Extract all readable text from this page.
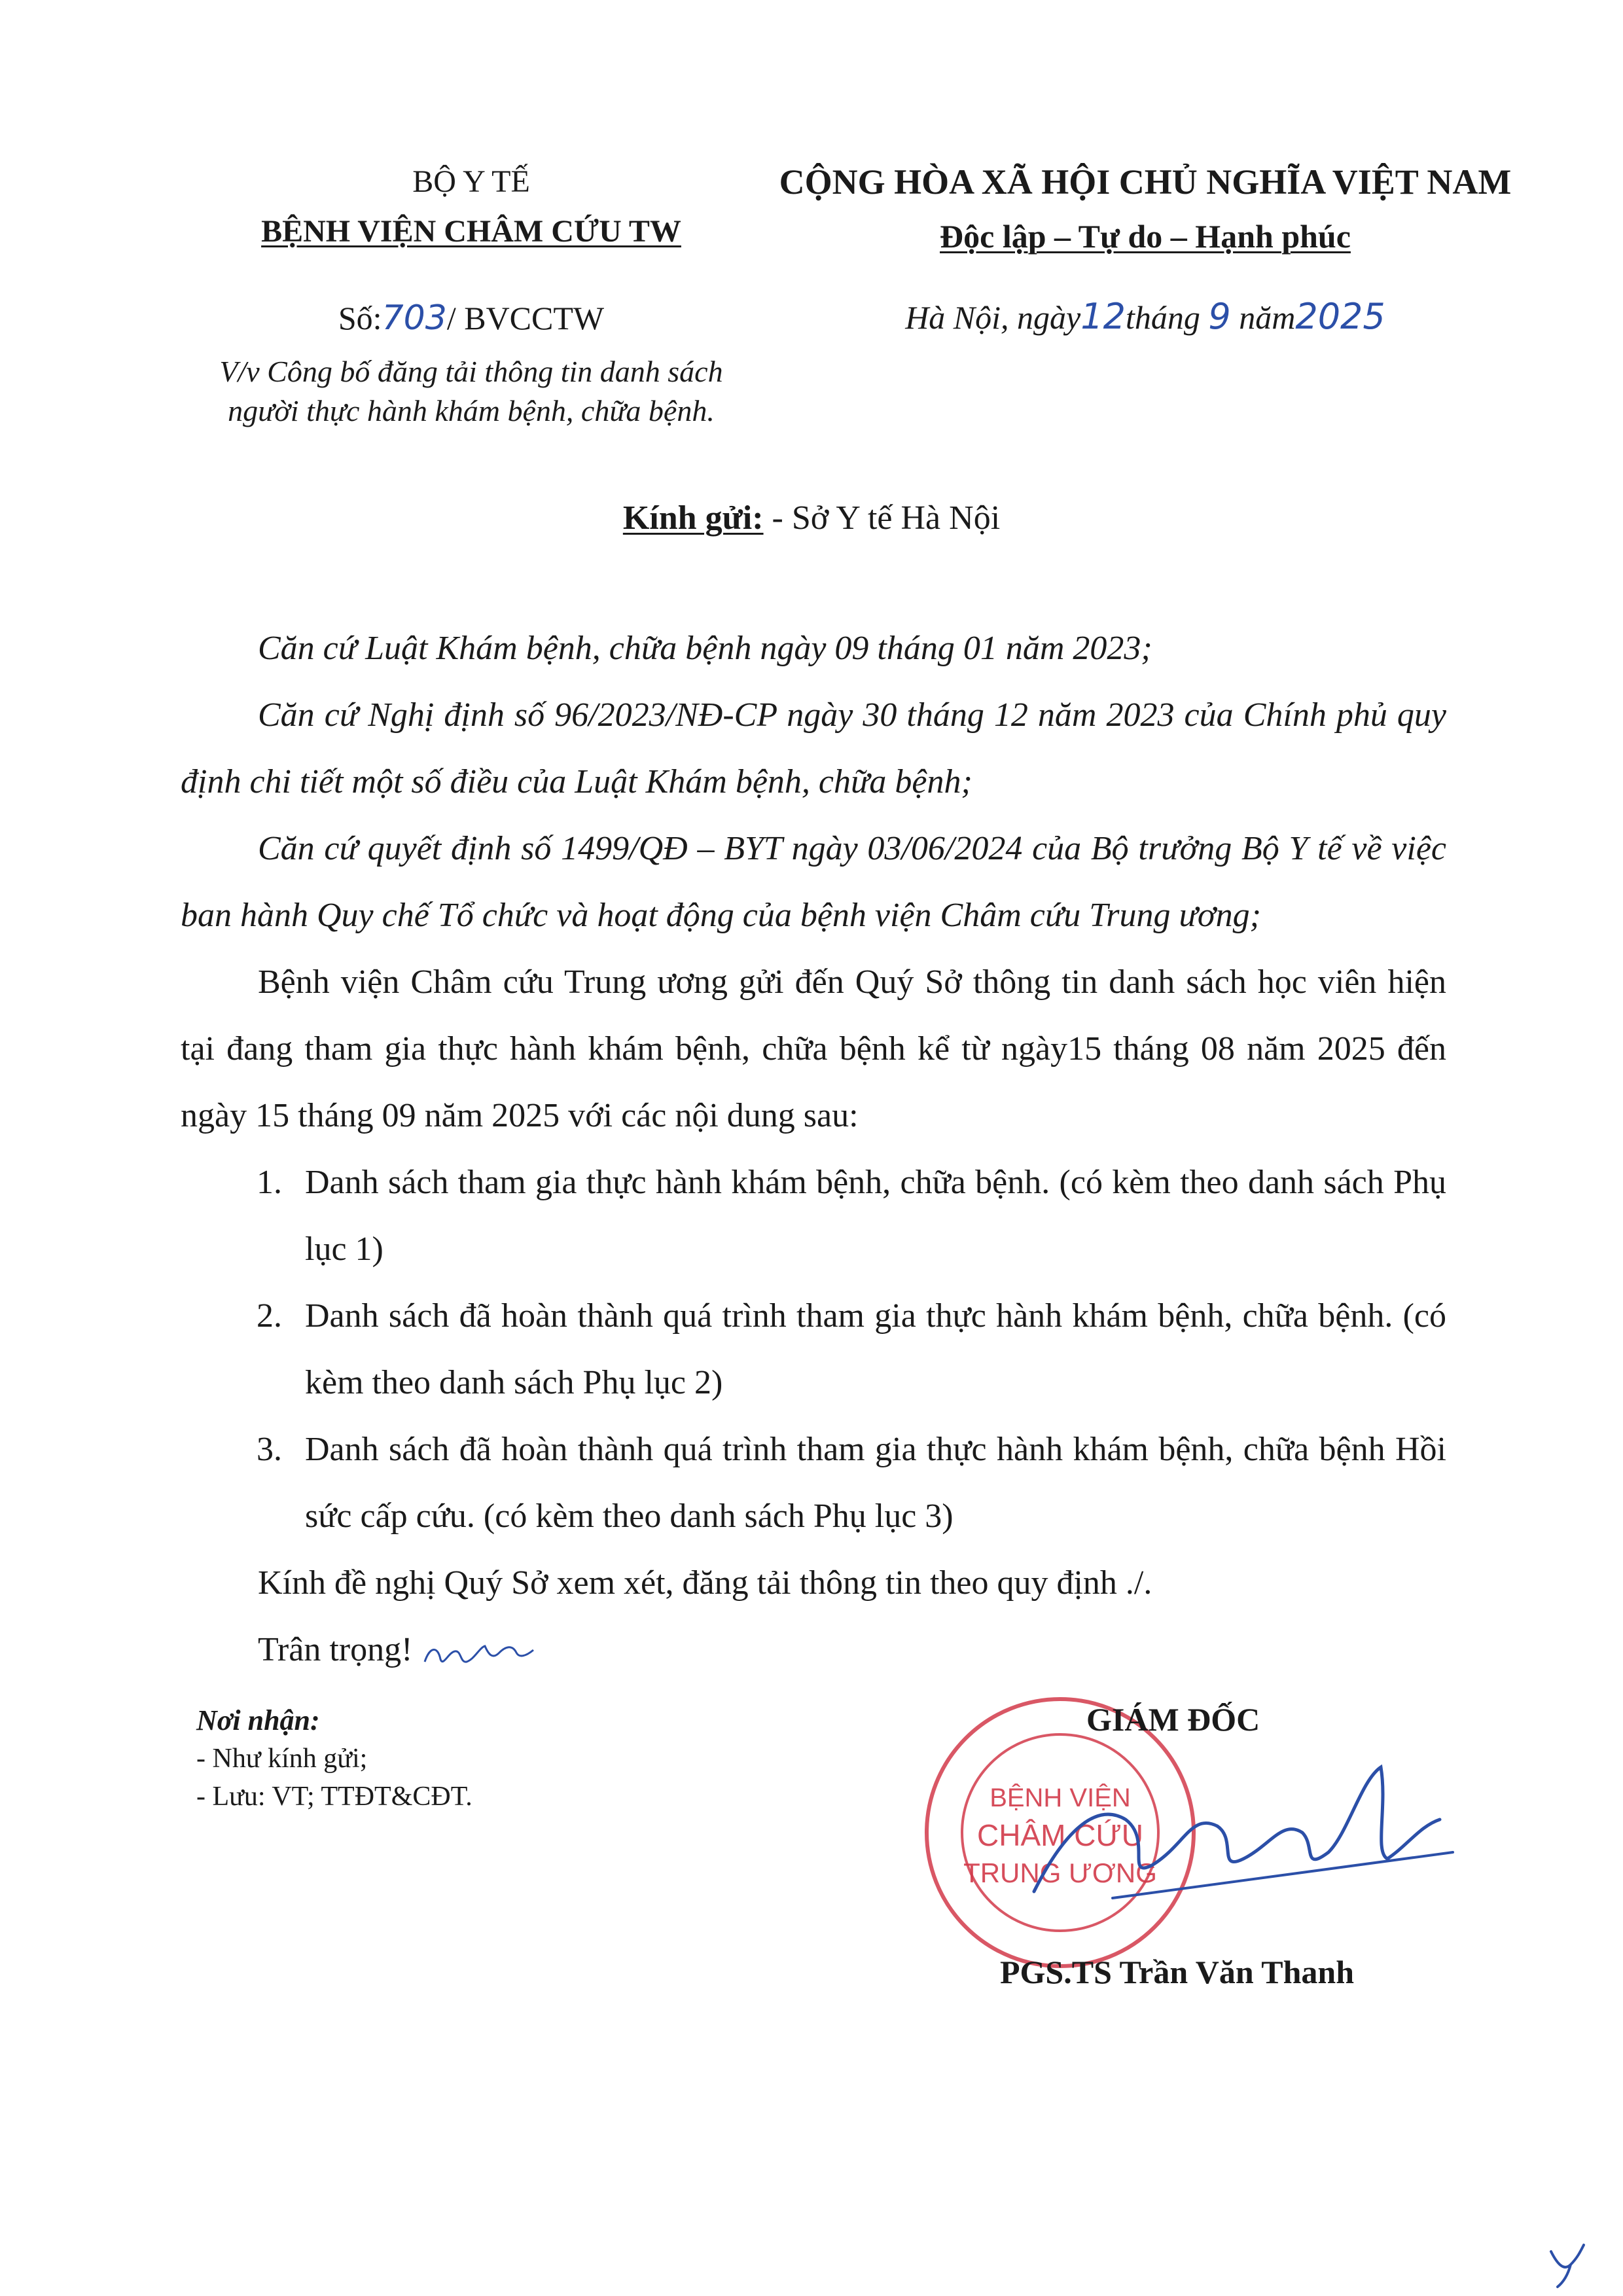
BỘ Y TẾ
BỆNH VIỆN CHÂM CỨU TW
Số:703/ BVCCTW
V/v Công bố đăng tải thông tin danh sách
người thực hành khám bệnh, chữa bệnh.
CỘNG HÒA XÃ HỘI CHỦ NGHĨA VIỆT NAM
Độc lập – Tự do – Hạnh phúc
Hà Nội, ngày12tháng 9 năm2025
Kính gửi: - Sở Y tế Hà Nội

Căn cứ Luật Khám bệnh, chữa bệnh ngày 09 tháng 01 năm 2023;

Căn cứ Nghị định số 96/2023/NĐ-CP ngày 30 tháng 12 năm 2023 của Chính phủ quy định chi tiết một số điều của Luật Khám bệnh, chữa bệnh;

Căn cứ quyết định số 1499/QĐ – BYT ngày 03/06/2024 của Bộ trưởng Bộ Y tế về việc ban hành Quy chế Tổ chức và hoạt động của bệnh viện Châm cứu Trung ương;

Bệnh viện Châm cứu Trung ương gửi đến Quý Sở thông tin danh sách học viên hiện tại đang tham gia thực hành khám bệnh, chữa bệnh kể từ ngày15 tháng 08 năm 2025 đến ngày 15 tháng 09 năm 2025 với các nội dung sau:

1. Danh sách tham gia thực hành khám bệnh, chữa bệnh. (có kèm theo danh sách Phụ lục 1)

2. Danh sách đã hoàn thành quá trình tham gia thực hành khám bệnh, chữa bệnh. (có kèm theo danh sách Phụ lục 2)

3. Danh sách đã hoàn thành quá trình tham gia thực hành khám bệnh, chữa bệnh Hồi sức cấp cứu. (có kèm theo danh sách Phụ lục 3)

Kính đề nghị Quý Sở xem xét, đăng tải thông tin theo quy định ./.

Trân trọng!

Nơi nhận:
- Như kính gửi;
- Lưu: VT; TTĐT&CĐT.	BỆNH VIỆN
CHÂM CỨU
TRUNG ƯƠNG
GIÁM ĐỐC
PGS.TS Trần Văn Thanh
